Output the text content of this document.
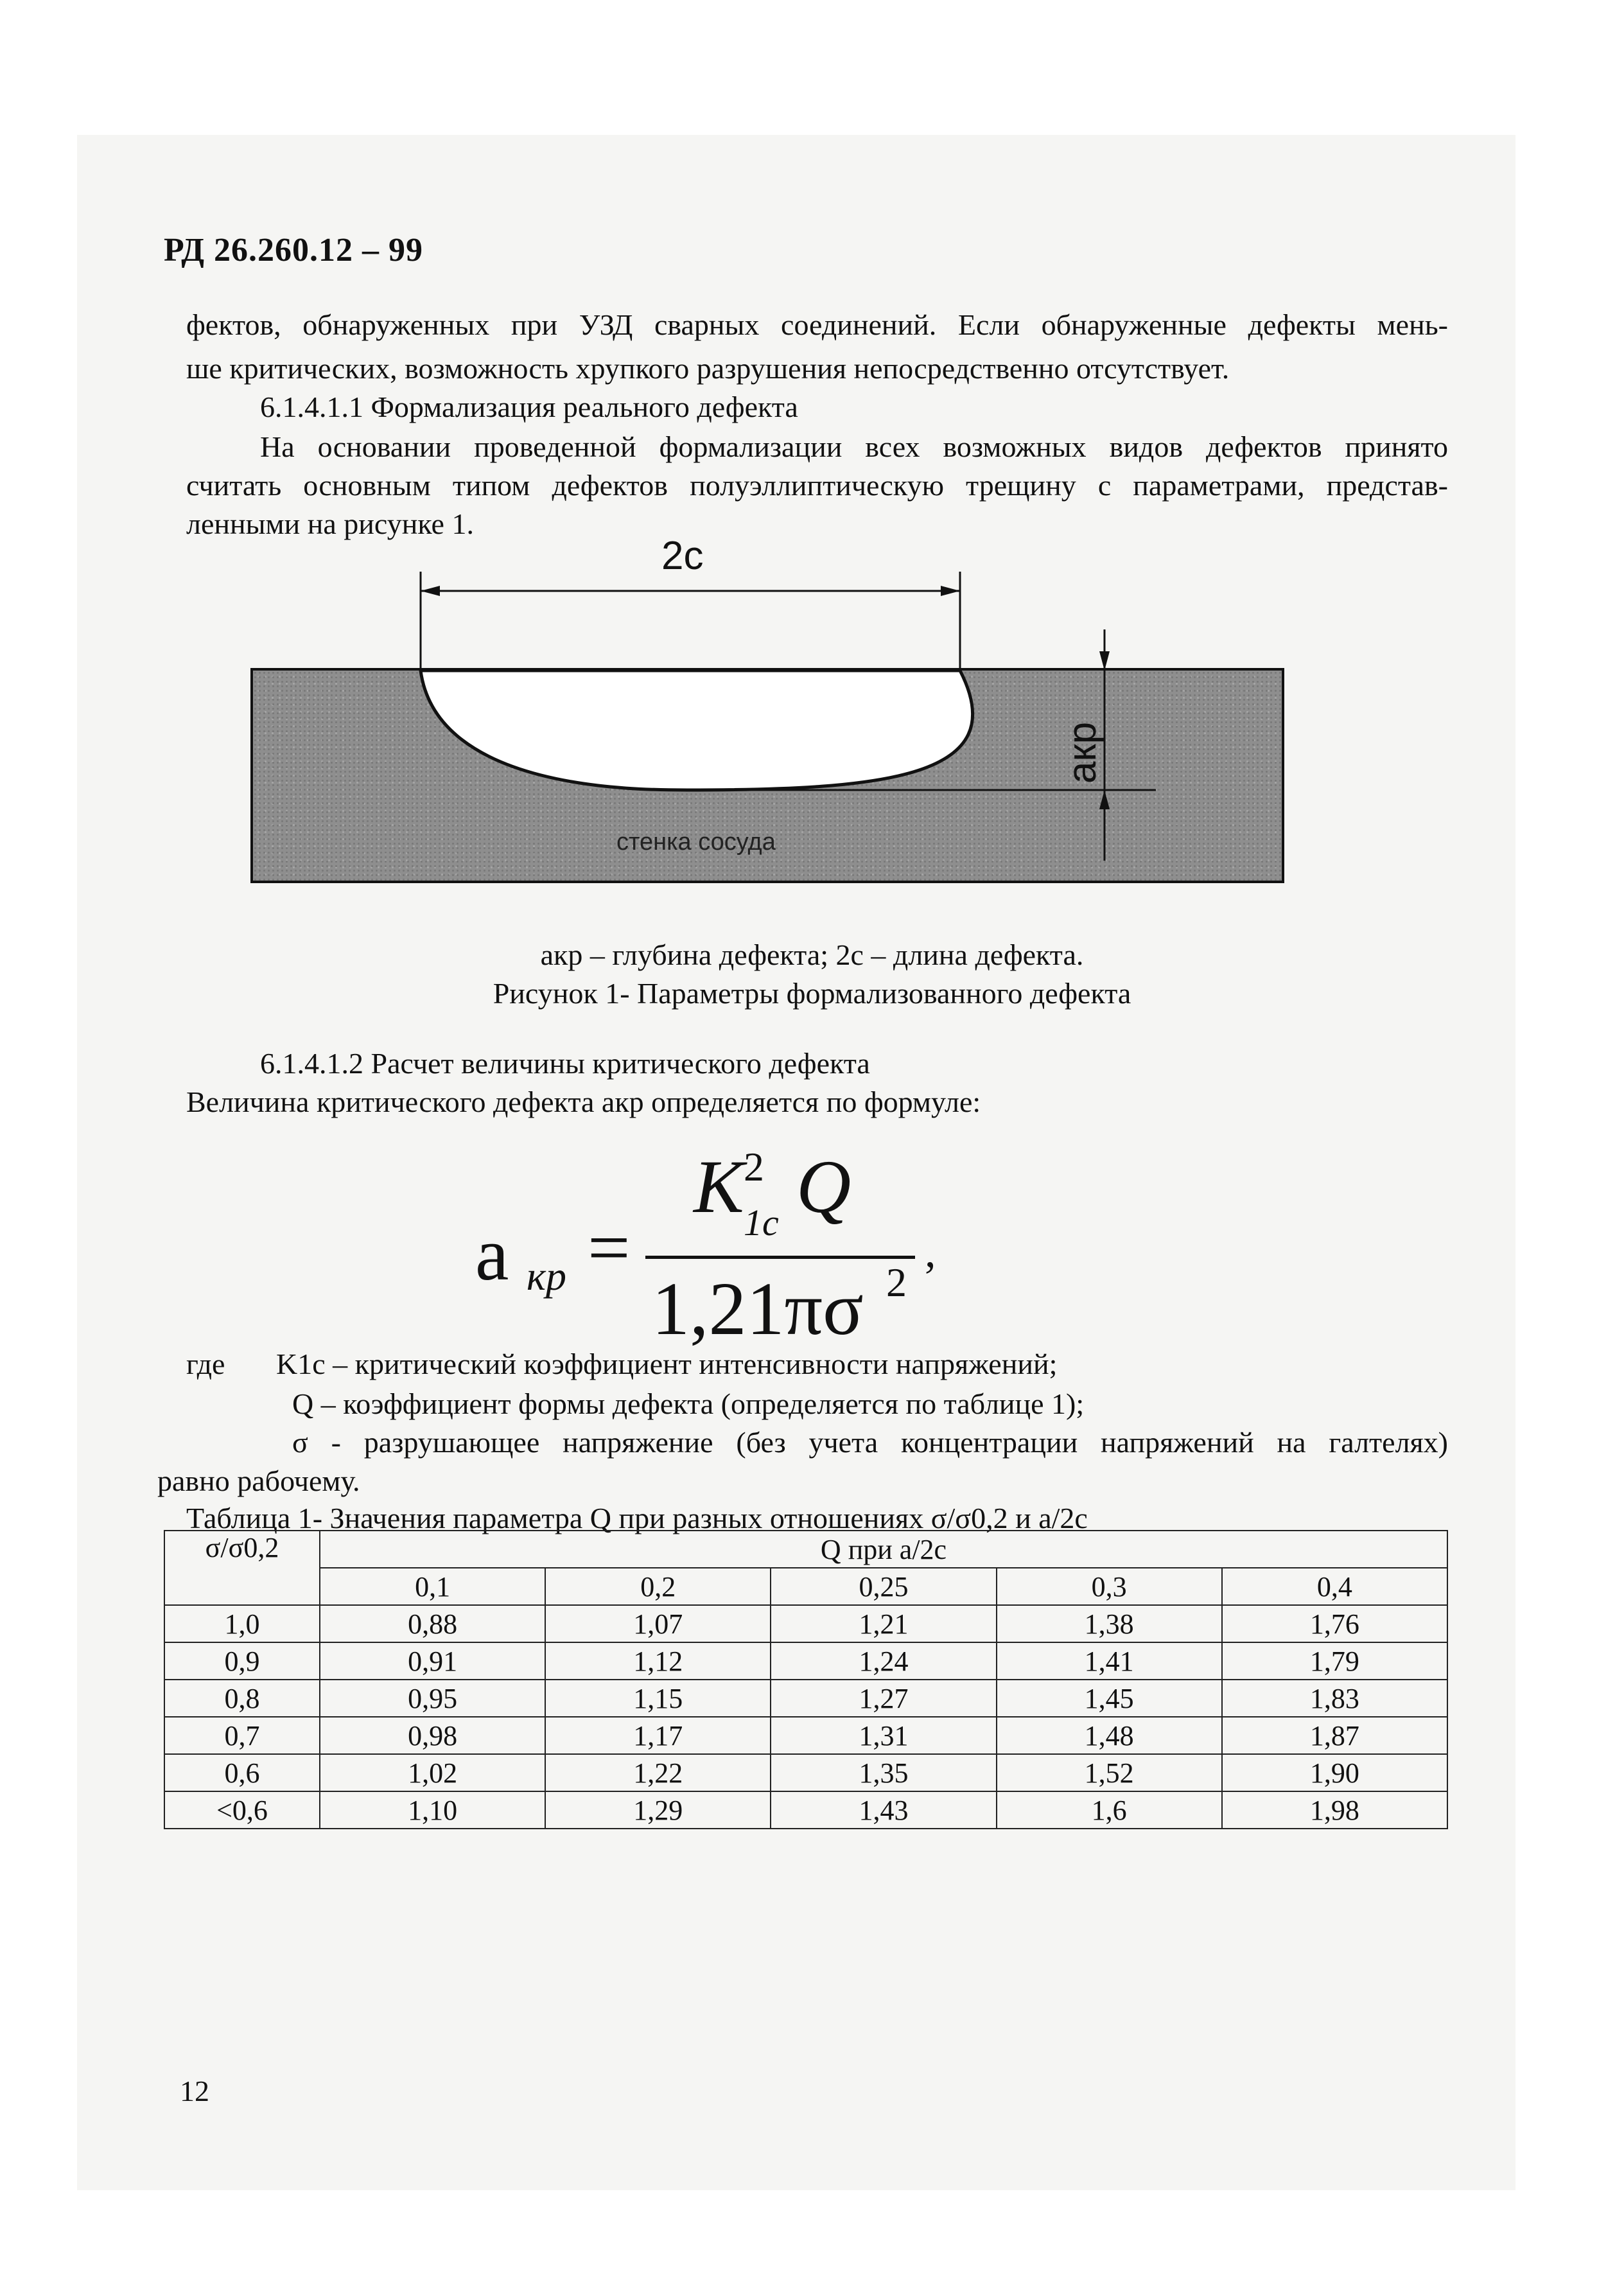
РД 26.260.12 – 99
фектов, обнаруженных при УЗД сварных соединений. Если обнаруженные дефекты мень-
ше критических, возможность хрупкого разрушения непосредственно отсутствует.
6.1.4.1.1 Формализация реального дефекта
На основании проведенной формализации всех возможных видов дефектов принято
считать основным типом дефектов полуэллиптическую трещину с параметрами, представ-
ленными на рисунке 1.
2c
aкр
стенка сосуда
aкр – глубина дефекта; 2c – длина дефекта.
Рисунок 1- Параметры формализованного дефекта
6.1.4.1.2 Расчет величины критического дефекта
Величина критического дефекта aкр определяется по формуле:
a кр =
K 2
1c Q
1,21πσ 2
,
где K1c – критический коэффициент интенсивности напряжений;
Q – коэффициент формы дефекта (определяется по таблице 1);
σ - разрушающее напряжение (без учета концентрации напряжений на галтелях)
равно рабочему.
Таблица 1- Значения параметра Q при разных отношениях σ/σ0,2 и a/2c
σ/σ0,2	Q при a/2c				
	0,1	0,2	0,25	0,3	0,4
1,0	0,88	1,07	1,21	1,38	1,76
0,9	0,91	1,12	1,24	1,41	1,79
0,8	0,95	1,15	1,27	1,45	1,83
0,7	0,98	1,17	1,31	1,48	1,87
0,6	1,02	1,22	1,35	1,52	1,90
<0,6	1,10	1,29	1,43	1,6	1,98
12
